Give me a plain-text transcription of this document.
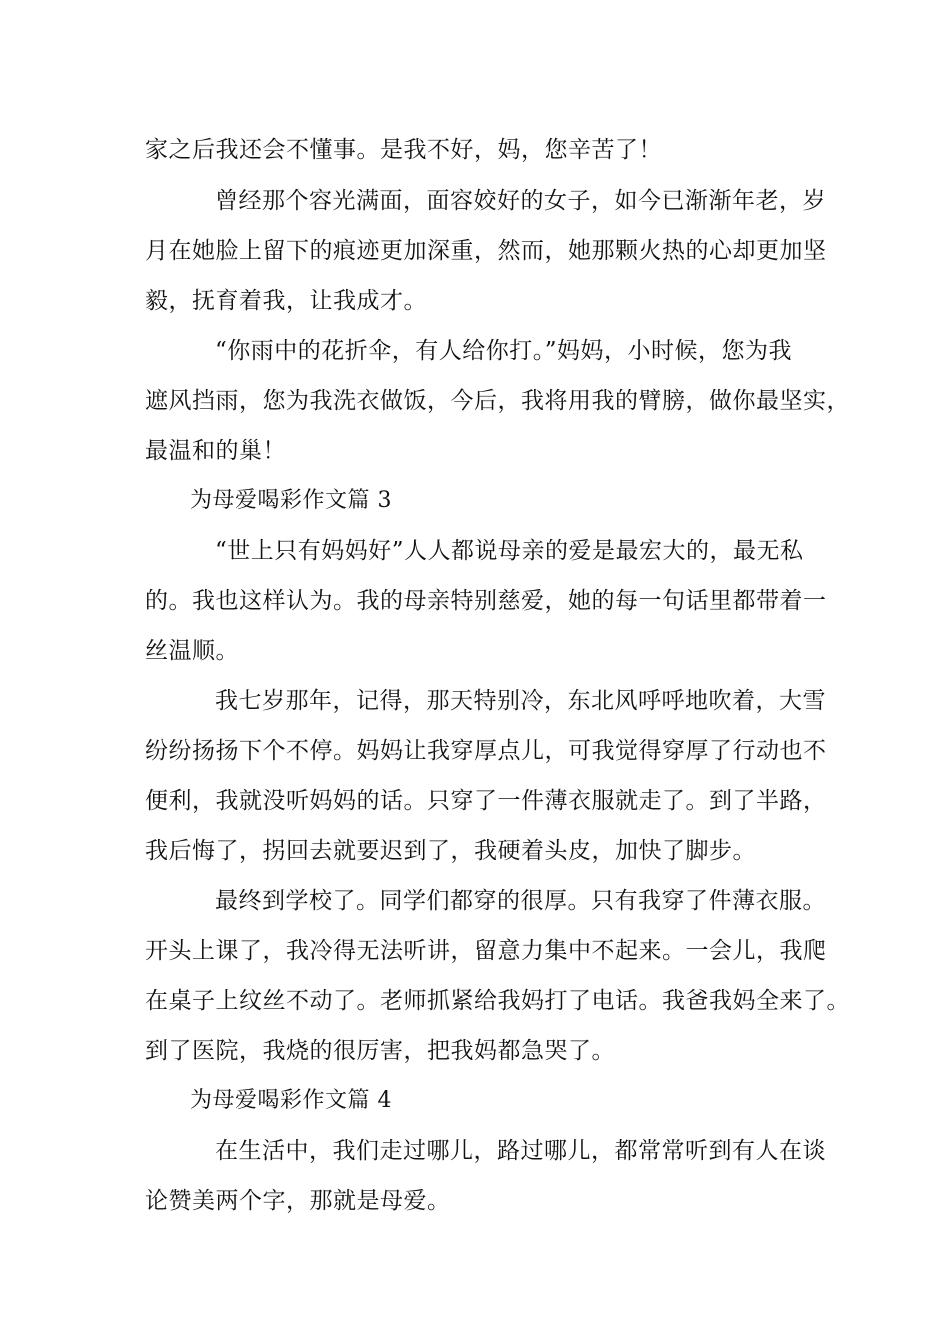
家之后我还会不懂事。是我不好，妈，您辛苦了！
曾经那个容光满面，面容姣好的女子，如今已渐渐年老，岁
月在她脸上留下的痕迹更加深重，然而，她那颗火热的心却更加坚
毅，抚育着我，让我成才。
“你雨中的花折伞，有人给你打。”妈妈，小时候，您为我
遮风挡雨，您为我洗衣做饭，今后，我将用我的臂膀，做你最坚实，
最温和的巢！
为母爱喝彩作文篇 3
“世上只有妈妈好”人人都说母亲的爱是最宏大的，最无私
的。我也这样认为。我的母亲特别慈爱，她的每一句话里都带着一
丝温顺。
我七岁那年，记得，那天特别冷，东北风呼呼地吹着，大雪
纷纷扬扬下个不停。妈妈让我穿厚点儿，可我觉得穿厚了行动也不
便利，我就没听妈妈的话。只穿了一件薄衣服就走了。到了半路，
我后悔了，拐回去就要迟到了，我硬着头皮，加快了脚步。
最终到学校了。同学们都穿的很厚。只有我穿了件薄衣服。
开头上课了，我冷得无法听讲，留意力集中不起来。一会儿，我爬
在桌子上纹丝不动了。老师抓紧给我妈打了电话。我爸我妈全来了。
到了医院，我烧的很厉害，把我妈都急哭了。
为母爱喝彩作文篇 4
在生活中，我们走过哪儿，路过哪儿，都常常听到有人在谈
论赞美两个字，那就是母爱。
